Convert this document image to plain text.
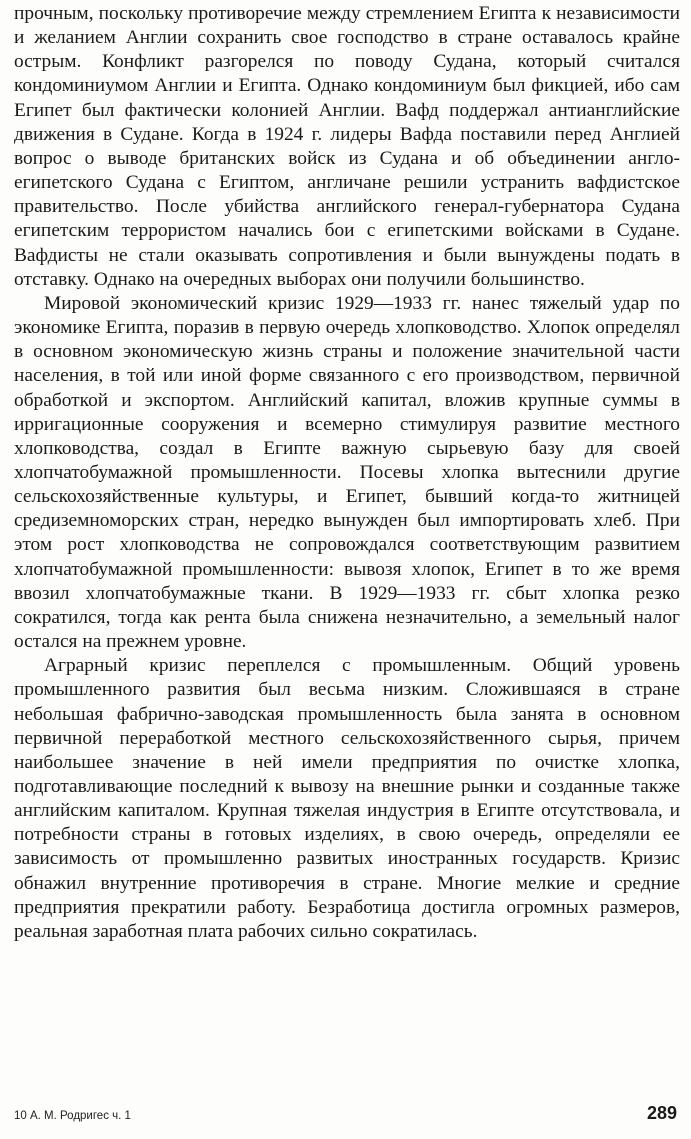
прочным, поскольку противоречие между стремлением Египта к независимости и желанием Англии сохранить свое господство в стране оставалось крайне острым. Конфликт разгорелся по поводу Судана, который считался кондоминиумом Англии и Египта. Однако кондоминиум был фикцией, ибо сам Египет был фактически колонией Англии. Вафд поддержал антианглийские движения в Судане. Когда в 1924 г. лидеры Вафда поставили перед Англией вопрос о выводе британских войск из Судана и об объединении англо-египетского Судана с Египтом, англичане решили устранить вафдистское правительство. После убийства английского генерал-губернатора Судана египетским террористом начались бои с египетскими войсками в Судане. Вафдисты не стали оказывать сопротивления и были вынуждены подать в отставку. Однако на очередных выборах они получили большинство.

Мировой экономический кризис 1929—1933 гг. нанес тяжелый удар по экономике Египта, поразив в первую очередь хлопководство. Хлопок определял в основном экономическую жизнь страны и положение значительной части населения, в той или иной форме связанного с его производством, первичной обработкой и экспортом. Английский капитал, вложив крупные суммы в ирригационные сооружения и всемерно стимулируя развитие местного хлопководства, создал в Египте важную сырьевую базу для своей хлопчатобумажной промышленности. Посевы хлопка вытеснили другие сельскохозяйственные культуры, и Египет, бывший когда-то житницей средиземноморских стран, нередко вынужден был импортировать хлеб. При этом рост хлопководства не сопровождался соответствующим развитием хлопчатобумажной промышленности: вывозя хлопок, Египет в то же время ввозил хлопчатобумажные ткани. В 1929—1933 гг. сбыт хлопка резко сократился, тогда как рента была снижена незначительно, а земельный налог остался на прежнем уровне.

Аграрный кризис переплелся с промышленным. Общий уровень промышленного развития был весьма низким. Сложившаяся в стране небольшая фабрично-заводская промышленность была занята в основном первичной переработкой местного сельскохозяйственного сырья, причем наибольшее значение в ней имели предприятия по очистке хлопка, подготавливающие последний к вывозу на внешние рынки и созданные также английским капиталом. Крупная тяжелая индустрия в Египте отсутствовала, и потребности страны в готовых изделиях, в свою очередь, определяли ее зависимость от промышленно развитых иностранных государств. Кризис обнажил внутренние противоречия в стране. Многие мелкие и средние предприятия прекратили работу. Безработица достигла огромных размеров, реальная заработная плата рабочих сильно сократилась.

10 А. М. Родригес ч. 1	289
